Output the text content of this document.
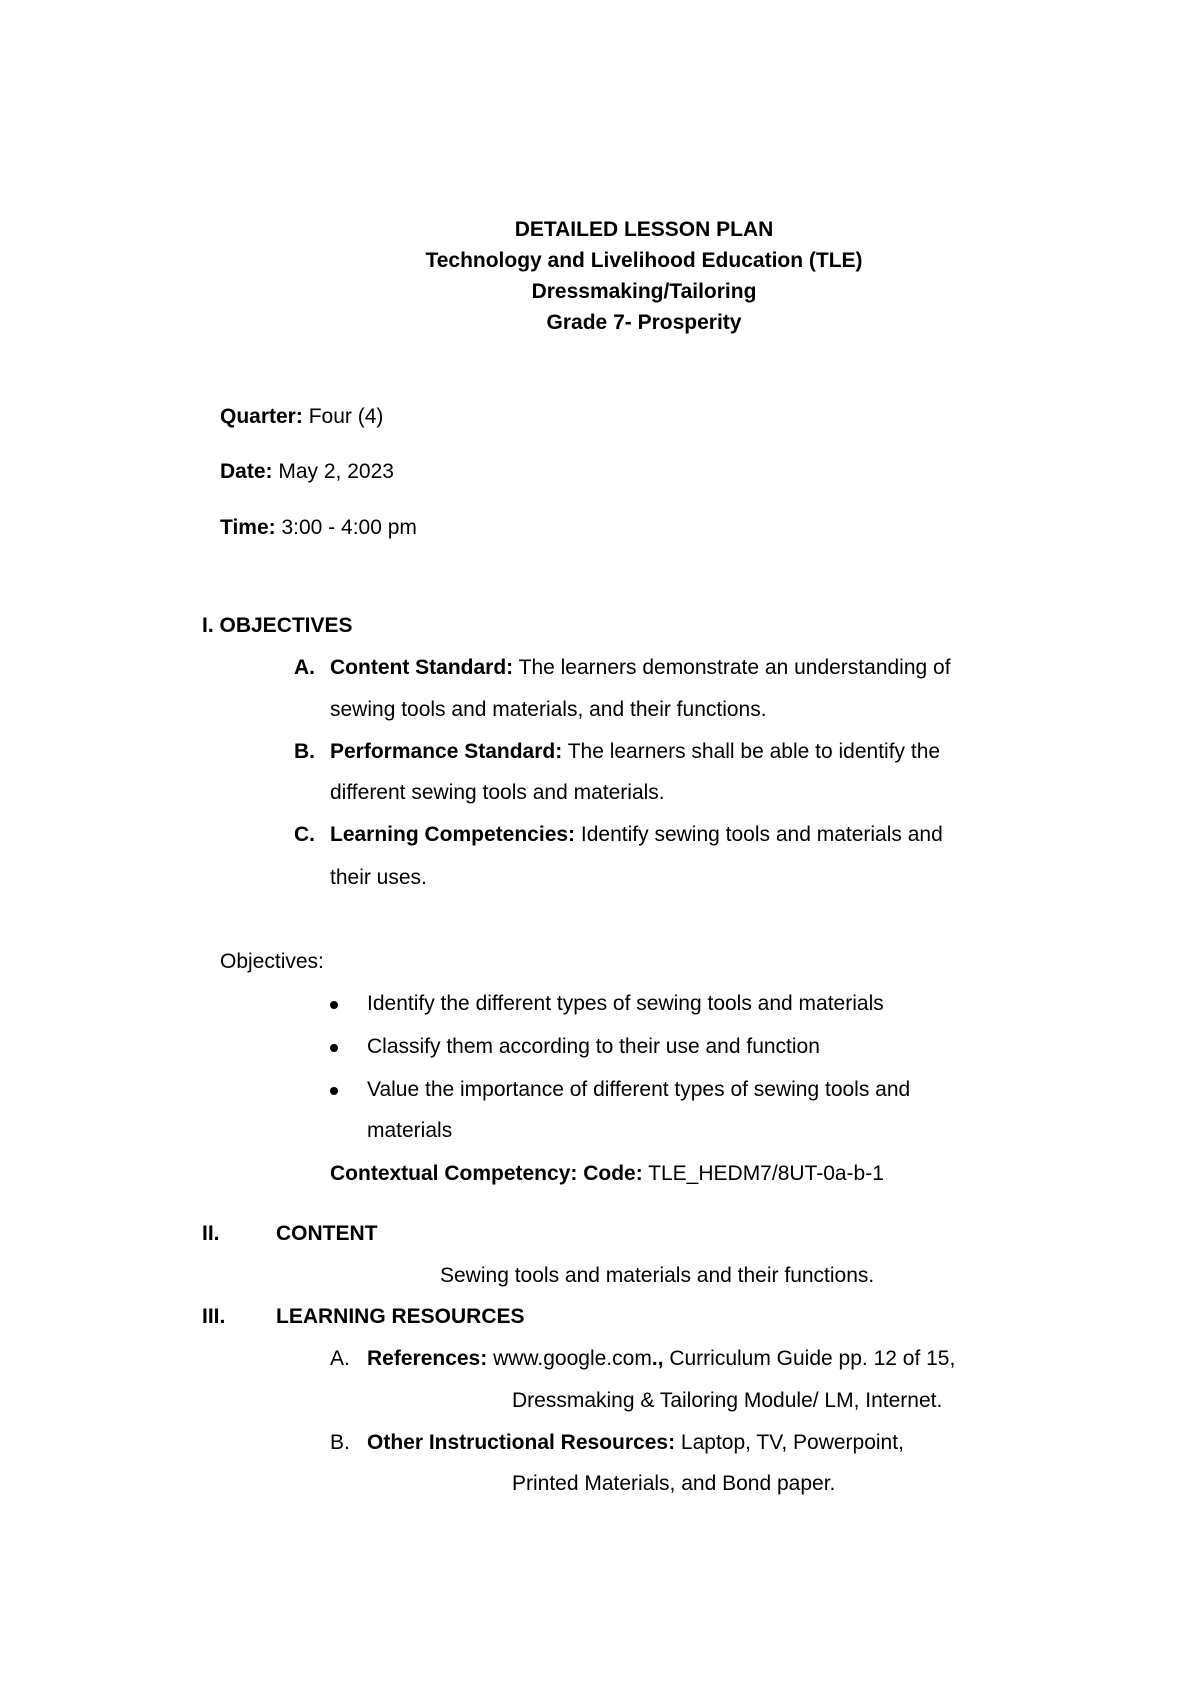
DETAILED LESSON PLAN
Technology and Livelihood Education (TLE)
Dressmaking/Tailoring
Grade 7- Prosperity
Quarter: Four (4)
Date: May 2, 2023
Time: 3:00 - 4:00 pm
I. OBJECTIVES
A. Content Standard: The learners demonstrate an understanding of
sewing tools and materials, and their functions.
B. Performance Standard: The learners shall be able to identify the
different sewing tools and materials.
C. Learning Competencies: Identify sewing tools and materials and
their uses.
Objectives:
Identify the different types of sewing tools and materials
Classify them according to their use and function
Value the importance of different types of sewing tools and
materials
Contextual Competency: Code: TLE_HEDM7/8UT-0a-b-1
II.	CONTENT
Sewing tools and materials and their functions.
III. LEARNING RESOURCES
A. References: www.google.com., Curriculum Guide pp. 12 of 15,
Dressmaking & Tailoring Module/ LM, Internet.
B. Other Instructional Resources: Laptop, TV, Powerpoint,
Printed Materials, and Bond paper.
